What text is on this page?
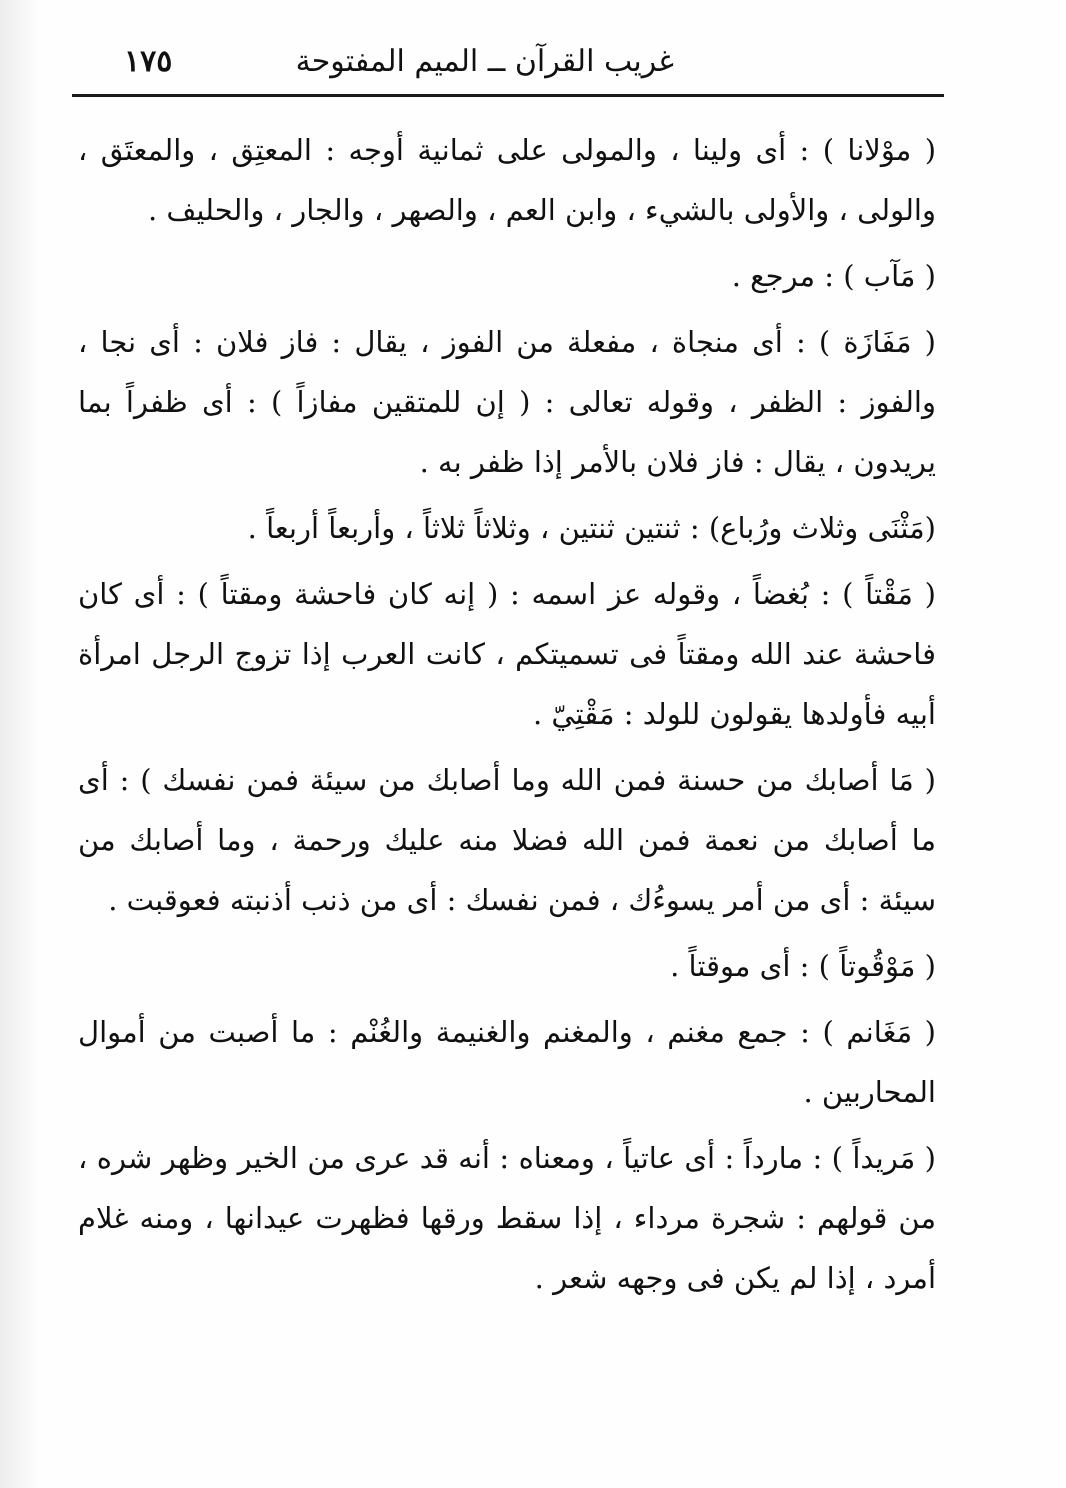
غريب القرآن ــ الميم المفتوحة
١٧٥

( موْلانا ) : أى ولينا ، والمولى على ثمانية أوجه : المعتِق ، والمعتَق ، والولى ، والأولى بالشيء ، وابن العم ، والصهر ، والجار ، والحليف .

( مَآب ) : مرجع .

( مَفَازَة ) : أى منجاة ، مفعلة من الفوز ، يقال : فاز فلان : أى نجا ، والفوز : الظفر ، وقوله تعالى : ( إن للمتقين مفازاً ) : أى ظفراً بما يريدون ، يقال : فاز فلان بالأمر إذا ظفر به .

(مَثْنَى وثلاث ورُباع) : ثنتين ثنتين ، وثلاثاً ثلاثاً ، وأربعاً أربعاً .

( مَقْتاً ) : بُغضاً ، وقوله عز اسمه : ( إنه كان فاحشة ومقتاً ) : أى كان فاحشة عند الله ومقتاً فى تسميتكم ، كانت العرب إذا تزوج الرجل امرأة أبيه فأولدها يقولون للولد : مَقْتِيّ .

( مَا أصابك من حسنة فمن الله وما أصابك من سيئة فمن نفسك ) : أى ما أصابك من نعمة فمن الله فضلا منه عليك ورحمة ، وما أصابك من سيئة : أى من أمر يسوءُك ، فمن نفسك : أى من ذنب أذنبته فعوقبت .

( مَوْقُوتاً ) : أى موقتاً .

( مَغَانم ) : جمع مغنم ، والمغنم والغنيمة والغُنْم : ما أصبت من أموال المحاربين .

( مَريداً ) : مارداً : أى عاتياً ، ومعناه : أنه قد عرى من الخير وظهر شره ، من قولهم : شجرة مرداء ، إذا سقط ورقها فظهرت عيدانها ، ومنه غلام أمرد ، إذا لم يكن فى وجهه شعر .
